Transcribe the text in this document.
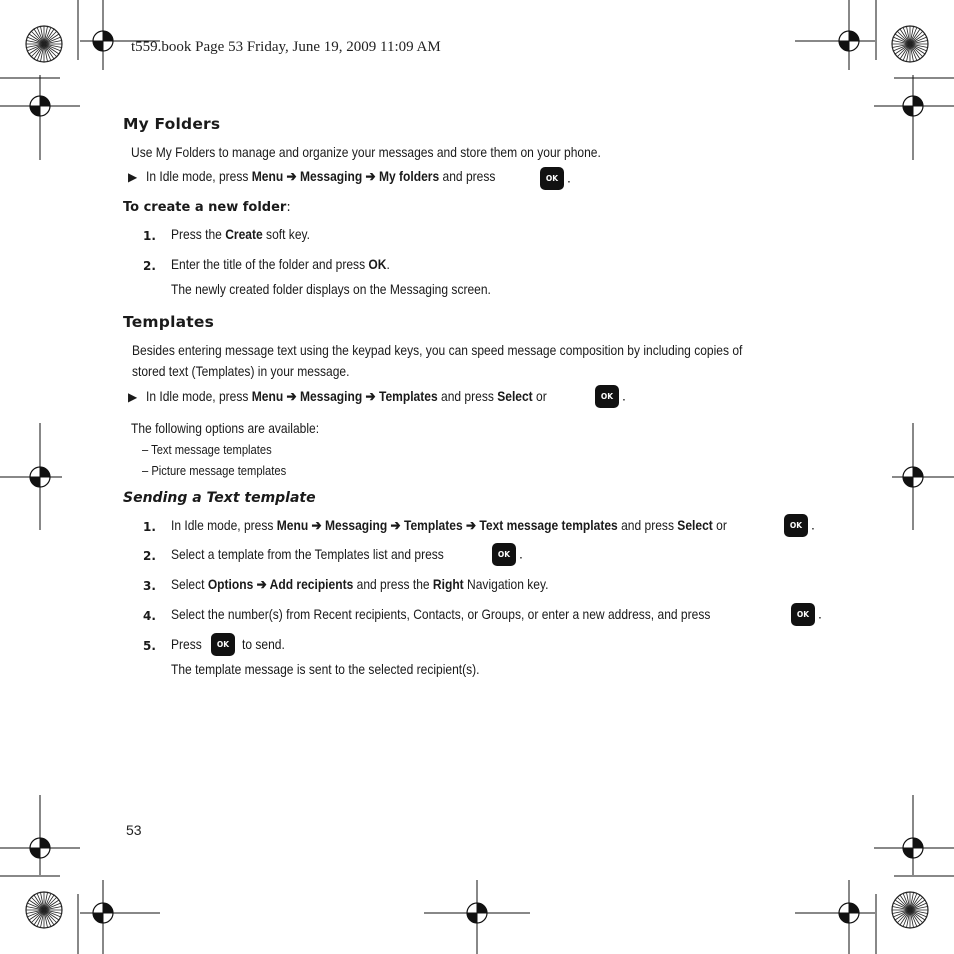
t559.book Page 53 Friday, June 19, 2009 11:09 AM
My Folders
Use My Folders to manage and organize your messages and store them on your phone.
▶ In Idle mode, press Menu ➔ Messaging ➔ My folders and press	OK .
To create a new folder:
1. Press the Create soft key.
2. Enter the title of the folder and press OK.
The newly created folder displays on the Messaging screen.
Templates
Besides entering message text using the keypad keys, you can speed message composition by including copies of
stored text (Templates) in your message.
▶ In Idle mode, press Menu ➔ Messaging ➔ Templates and press Select or	OK .
The following options are available:
– Text message templates
– Picture message templates
Sending a Text template
1. In Idle mode, press Menu ➔ Messaging ➔ Templates ➔ Text message templates and press Select or	OK .
2. Select a template from the Templates list and press	OK .
3. Select Options ➔ Add recipients and press the Right Navigation key.
4. Select the number(s) from Recent recipients, Contacts, or Groups, or enter a new address, and press	OK .
5. Press	OK to send.
The template message is sent to the selected recipient(s).
53
